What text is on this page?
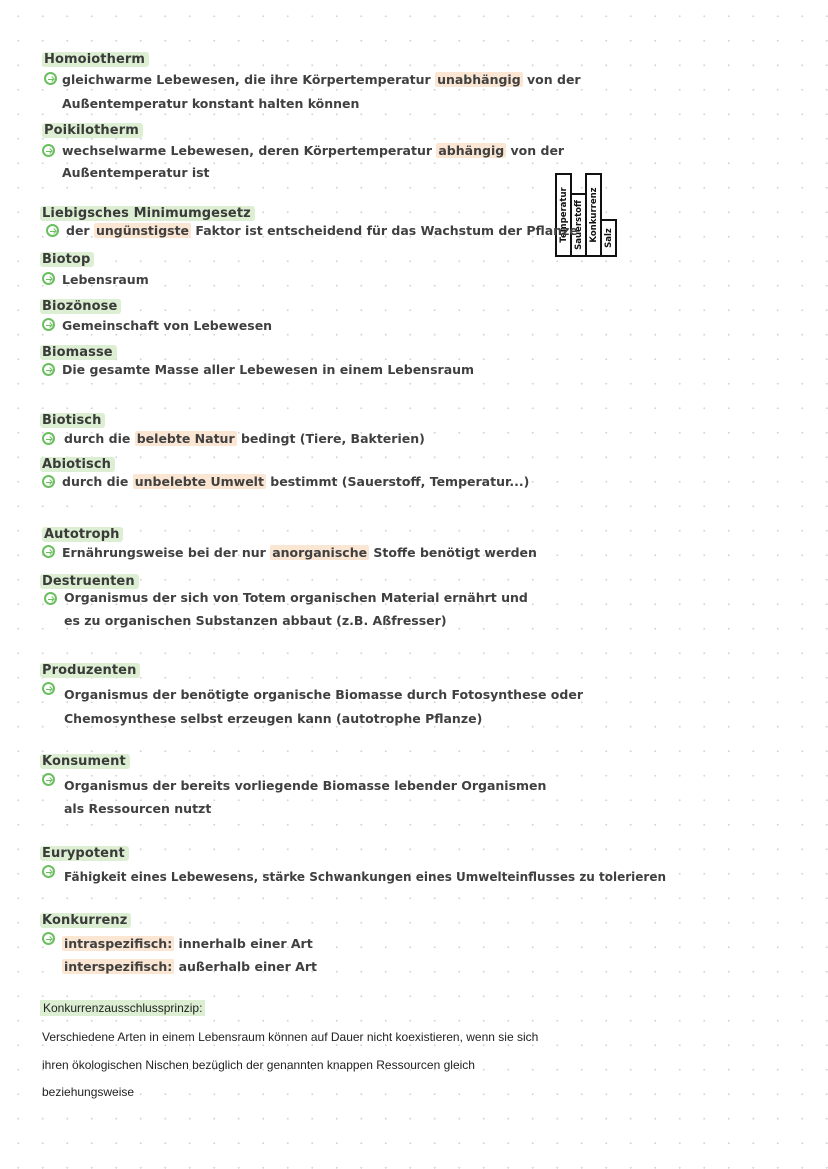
Homoiotherm
gleichwarme Lebewesen, die ihre Körpertemperatur unabhängig von der
Außentemperatur konstant halten können
Poikilotherm
wechselwarme Lebewesen, deren Körpertemperatur abhängig von der
Außentemperatur ist
Temperatur Sauerstoff Konkurrenz Salz
Liebigsches Minimumgesetz
der ungünstigste Faktor ist entscheidend für das Wachstum der Pflanze
Biotop
Lebensraum
Biozönose
Gemeinschaft von Lebewesen
Biomasse
Die gesamte Masse aller Lebewesen in einem Lebensraum
Biotisch
durch die belebte Natur bedingt (Tiere, Bakterien)
Abiotisch
durch die unbelebte Umwelt bestimmt (Sauerstoff, Temperatur...)
Autotroph
Ernährungsweise bei der nur anorganische Stoffe benötigt werden
Destruenten
Organismus der sich von Totem organischen Material ernährt und
es zu organischen Substanzen abbaut (z.B. Aßfresser)
Produzenten
Organismus der benötigte organische Biomasse durch Fotosynthese oder
Chemosynthese selbst erzeugen kann (autotrophe Pflanze)
Konsument
Organismus der bereits vorliegende Biomasse lebender Organismen
als Ressourcen nutzt
Eurypotent
Fähigkeit eines Lebewesens, stärke Schwankungen eines Umwelteinflusses zu tolerieren
Konkurrenz
intraspezifisch: innerhalb einer Art
interspezifisch: außerhalb einer Art
Konkurrenzausschlussprinzip:
Verschiedene Arten in einem Lebensraum können auf Dauer nicht koexistieren, wenn sie sich
ihren ökologischen Nischen bezüglich der genannten knappen Ressourcen gleich
beziehungsweise
